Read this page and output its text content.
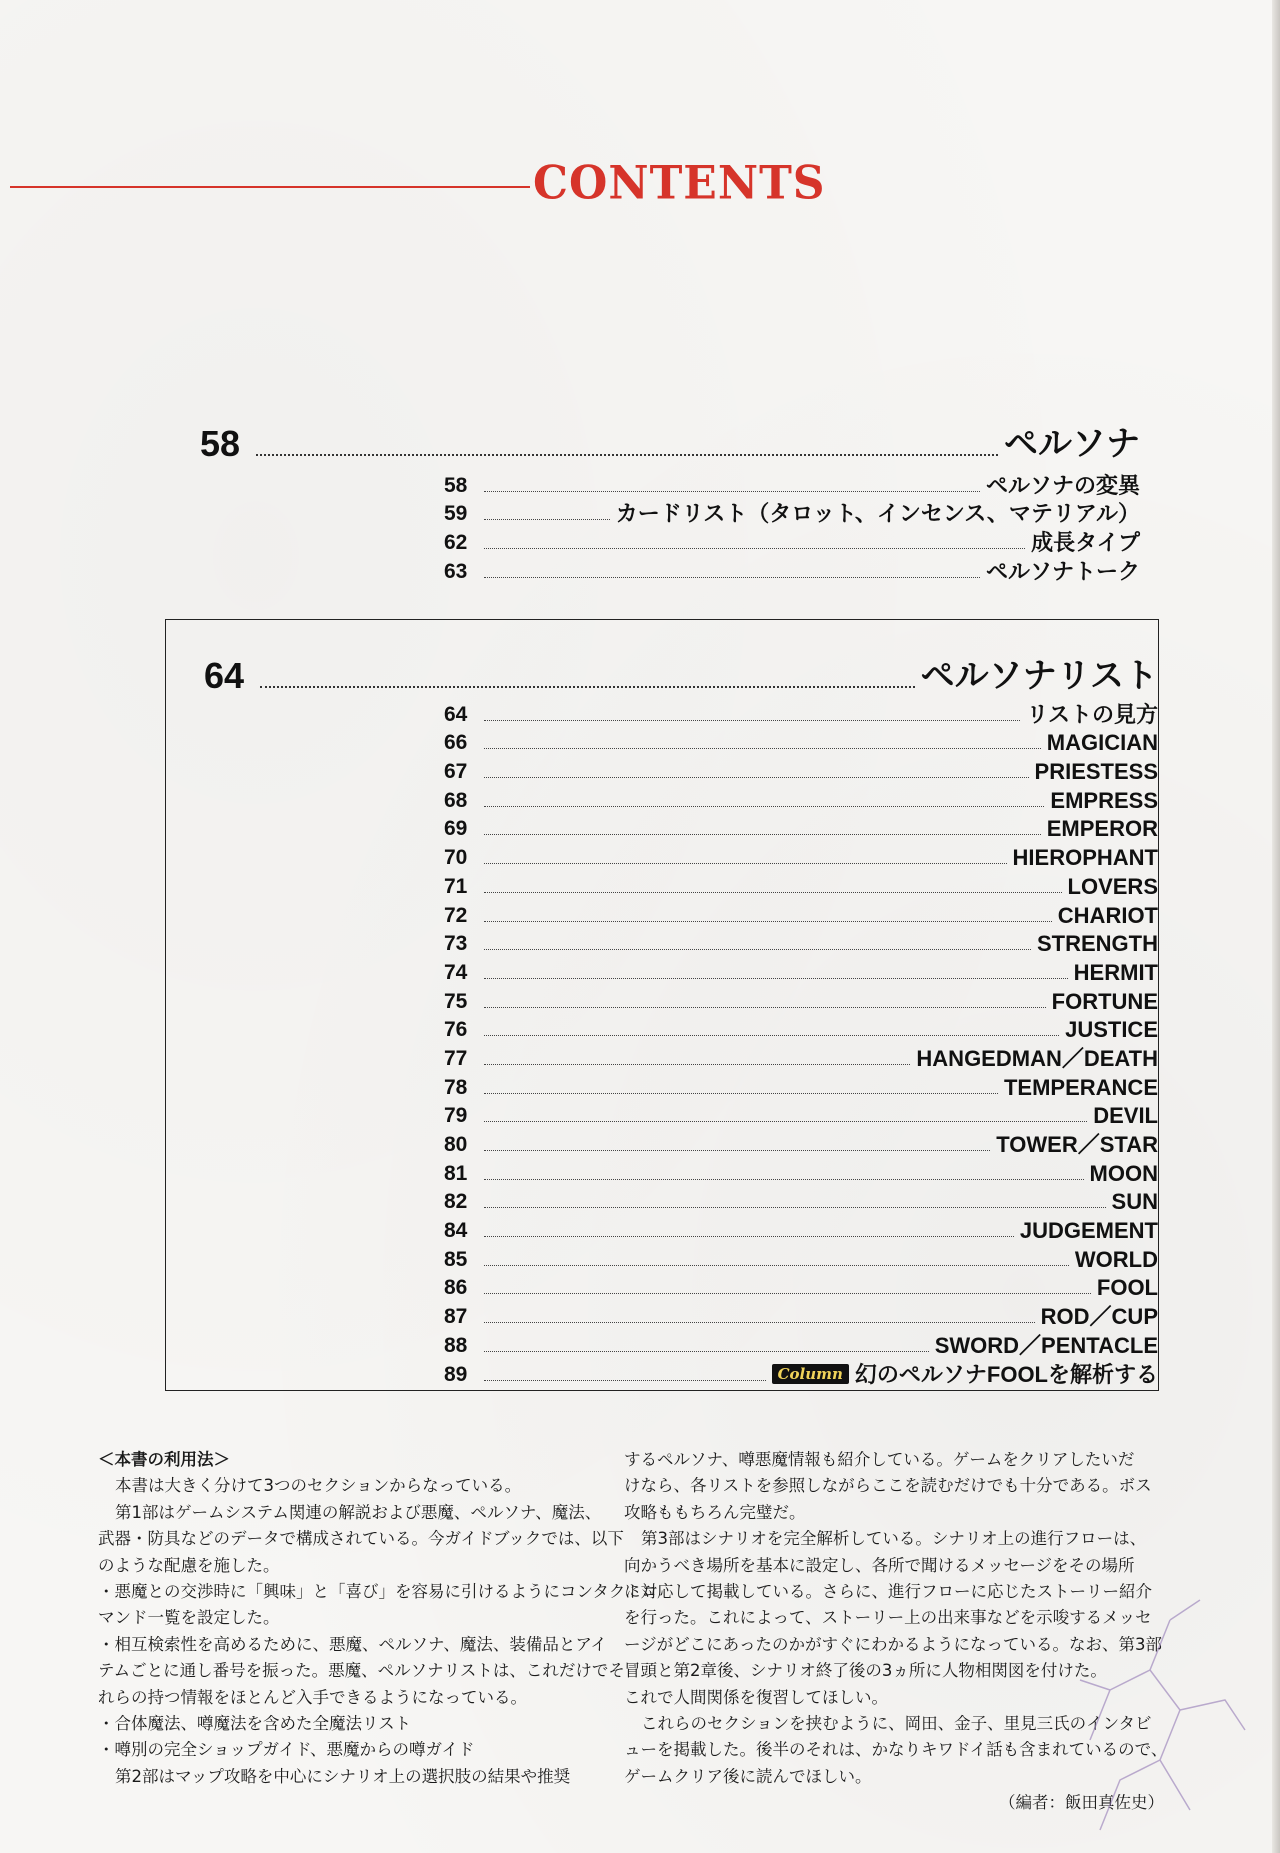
CONTENTS
58	ペルソナ
58	ペルソナの変異
59	カードリスト（タロット、インセンス、マテリアル）
62	成長タイプ
63	ペルソナトーク
64	ペルソナリスト
64	リストの見方
66	MAGICIAN
67	PRIESTESS
68	EMPRESS
69	EMPEROR
70	HIEROPHANT
71	LOVERS
72	CHARIOT
73	STRENGTH
74	HERMIT
75	FORTUNE
76	JUSTICE
77	HANGEDMAN／DEATH
78	TEMPERANCE
79	DEVIL
80	TOWER／STAR
81	MOON
82	SUN
84	JUDGEMENT
85	WORLD
86	FOOL
87	ROD／CUP
88	SWORD／PENTACLE
89	Column 幻のペルソナFOOLを解析する

＜本書の利用法＞

本書は大きく分けて3つのセクションからなっている。

第1部はゲームシステム関連の解説および悪魔、ペルソナ、魔法、

武器・防具などのデータで構成されている。今ガイドブックでは、以下

のような配慮を施した。

・悪魔との交渉時に「興味」と「喜び」を容易に引けるようにコンタクトコ

マンド一覧を設定した。

・相互検索性を高めるために、悪魔、ペルソナ、魔法、装備品とアイ

テムごとに通し番号を振った。悪魔、ペルソナリストは、これだけでそ

れらの持つ情報をほとんど入手できるようになっている。

・合体魔法、噂魔法を含めた全魔法リスト

・噂別の完全ショップガイド、悪魔からの噂ガイド

第2部はマップ攻略を中心にシナリオ上の選択肢の結果や推奨

するペルソナ、噂悪魔情報も紹介している。ゲームをクリアしたいだ

けなら、各リストを参照しながらここを読むだけでも十分である。ボス

攻略ももちろん完璧だ。

第3部はシナリオを完全解析している。シナリオ上の進行フローは、

向かうべき場所を基本に設定し、各所で聞けるメッセージをその場所

に対応して掲載している。さらに、進行フローに応じたストーリー紹介

を行った。これによって、ストーリー上の出来事などを示唆するメッセ

ージがどこにあったのかがすぐにわかるようになっている。なお、第3部

冒頭と第2章後、シナリオ終了後の3ヵ所に人物相関図を付けた。

これで人間関係を復習してほしい。

これらのセクションを挟むように、岡田、金子、里見三氏のインタビ

ューを掲載した。後半のそれは、かなりキワドイ話も含まれているので、

ゲームクリア後に読んでほしい。

（編者：飯田真佐史）
